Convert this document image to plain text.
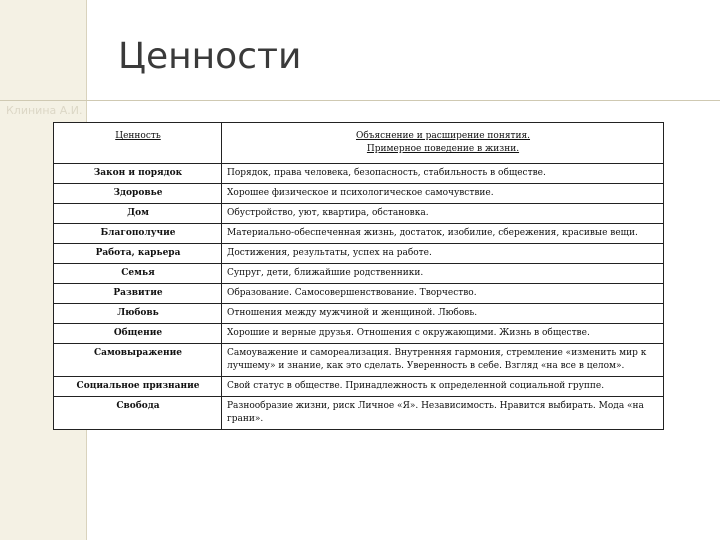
Клинина А.И.
Ценности
Ценность	Объяснение и расширение понятия.
Примерное поведение в жизни.
Закон и порядок	Порядок, права человека, безопасность, стабильность в обществе.
Здоровье	Хорошее физическое и психологическое самочувствие.
Дом	Обустройство, уют, квартира, обстановка.
Благополучие	Материально-обеспеченная жизнь, достаток, изобилие, сбережения, красивые вещи.
Работа, карьера	Достижения, результаты, успех на работе.
Семья	Супруг, дети, ближайшие родственники.
Развитие	Образование. Самосовершенствование. Творчество.
Любовь	Отношения между мужчиной и женщиной. Любовь.
Общение	Хорошие и верные друзья. Отношения с окружающими. Жизнь в обществе.
Самовыражение	Самоуважение и самореализация. Внутренняя гармония, стремление «изменить мир к лучшему» и знание, как это сделать. Уверенность в себе. Взгляд «на все в целом».
Социальное признание	Свой статус в обществе. Принадлежность к определенной социальной группе.
Свобода	Разнообразие жизни, риск Личное «Я». Независимость. Нравится выбирать. Мода «на грани».
